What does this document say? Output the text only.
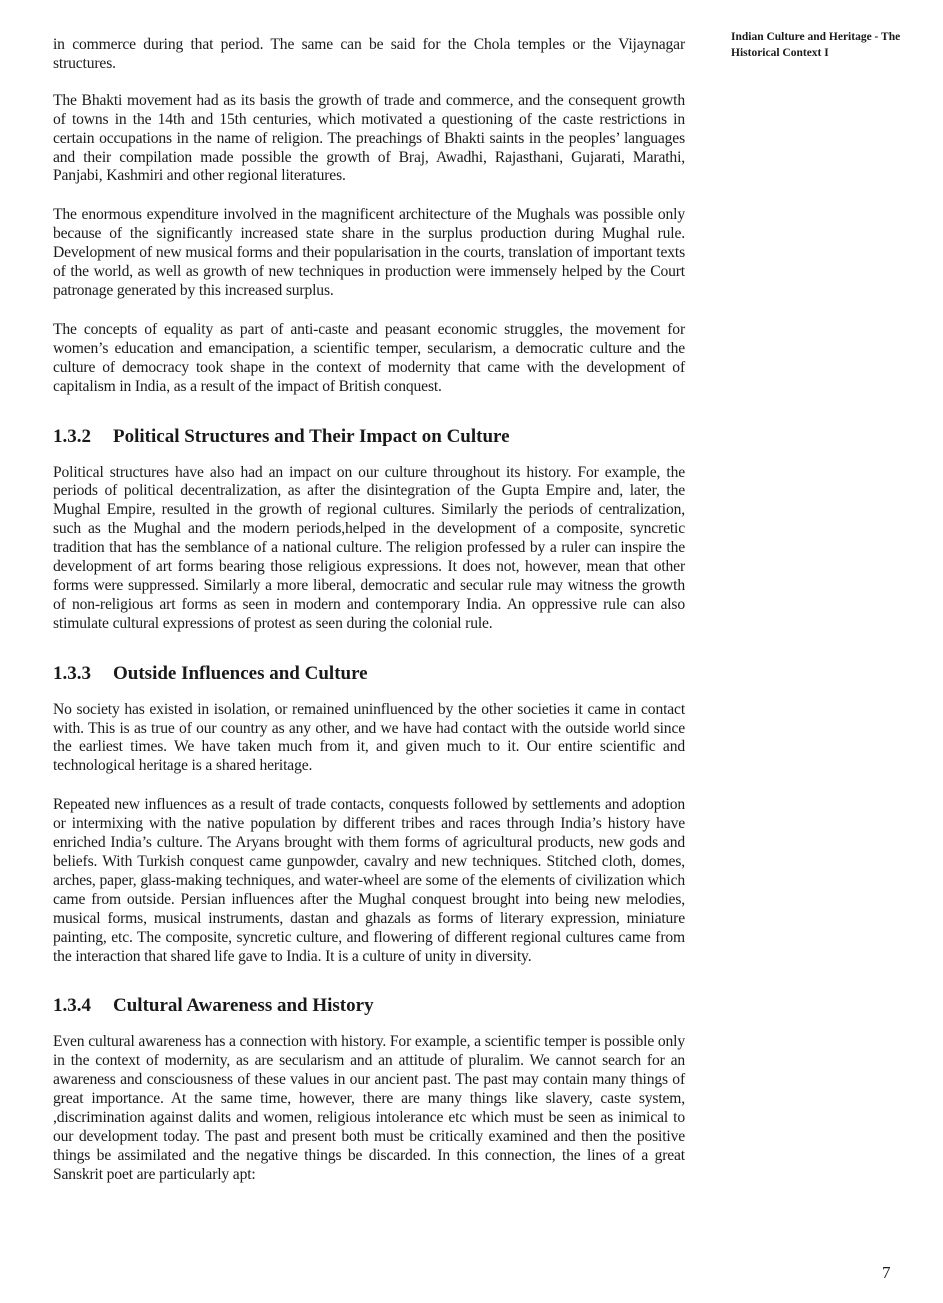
Indian Culture and Heritage - The Historical Context I

in commerce during that period. The same can be said for the Chola temples or the Vijaynagar structures.

The Bhakti movement had as its basis the growth of trade and commerce, and the consequent growth of towns in the 14th and 15th centuries, which motivated a questioning of the caste restrictions in certain occupations in the name of religion. The preachings of Bhakti saints in the peoples’ languages and their compilation made possible the growth of Braj, Awadhi, Rajasthani, Gujarati, Marathi, Panjabi, Kashmiri and other regional literatures.

The enormous expenditure involved in the magnificent architecture of the Mughals was possible only because of the significantly increased state share in the surplus production during Mughal rule. Development of new musical forms and their popularisation in the courts, translation of important texts of the world, as well as growth of new techniques in production were immensely helped by the Court patronage generated by this increased surplus.

The concepts of equality as part of anti-caste and peasant economic struggles, the movement for women’s education and emancipation, a scientific temper, secularism, a democratic culture and the culture of democracy took shape in the context of modernity that came with the development of capitalism in India, as a result of the impact of British conquest.

1.3.2 Political Structures and Their Impact on Culture

Political structures have also had an impact on our culture throughout its history. For example, the periods of political decentralization, as after the disintegration of the Gupta Empire and, later, the Mughal Empire, resulted in the growth of regional cultures. Similarly the periods of centralization, such as the Mughal and the modern periods,helped in the development of a composite, syncretic tradition that has the semblance of a national culture. The religion professed by a ruler can inspire the development of art forms bearing those religious expressions. It does not, however, mean that other forms were suppressed. Similarly a more liberal, democratic and secular rule may witness the growth of non-religious art forms as seen in modern and contemporary India. An oppressive rule can also stimulate cultural expressions of protest as seen during the colonial rule.

1.3.3 Outside Influences and Culture

No society has existed in isolation, or remained uninfluenced by the other societies it came in contact with. This is as true of our country as any other, and we have had contact with the outside world since the earliest times. We have taken much from it, and given much to it. Our entire scientific and technological heritage is a shared heritage.

Repeated new influences as a result of trade contacts, conquests followed by settlements and adoption or intermixing with the native population by different tribes and races through India’s history have enriched India’s culture. The Aryans brought with them forms of agricultural products, new gods and beliefs. With Turkish conquest came gunpowder, cavalry and new techniques. Stitched cloth, domes, arches, paper, glass-making techniques, and water-wheel are some of the elements of civilization which came from outside. Persian influences after the Mughal conquest brought into being new melodies, musical forms, musical instruments, dastan and ghazals as forms of literary expression, miniature painting, etc. The composite, syncretic culture, and flowering of different regional cultures came from the interaction that shared life gave to India. It is a culture of unity in diversity.

1.3.4 Cultural Awareness and History

Even cultural awareness has a connection with history. For example, a scientific temper is possible only in the context of modernity, as are secularism and an attitude of pluralim. We cannot search for an awareness and consciousness of these values in our ancient past. The past may contain many things of great importance. At the same time, however, there are many things like slavery, caste system, ,discrimination against dalits and women, religious intolerance etc which must be seen as inimical to our development today. The past and present both must be critically examined and then the positive things be assimilated and the negative things be discarded. In this connection, the lines of a great Sanskrit poet are particularly apt:

7
